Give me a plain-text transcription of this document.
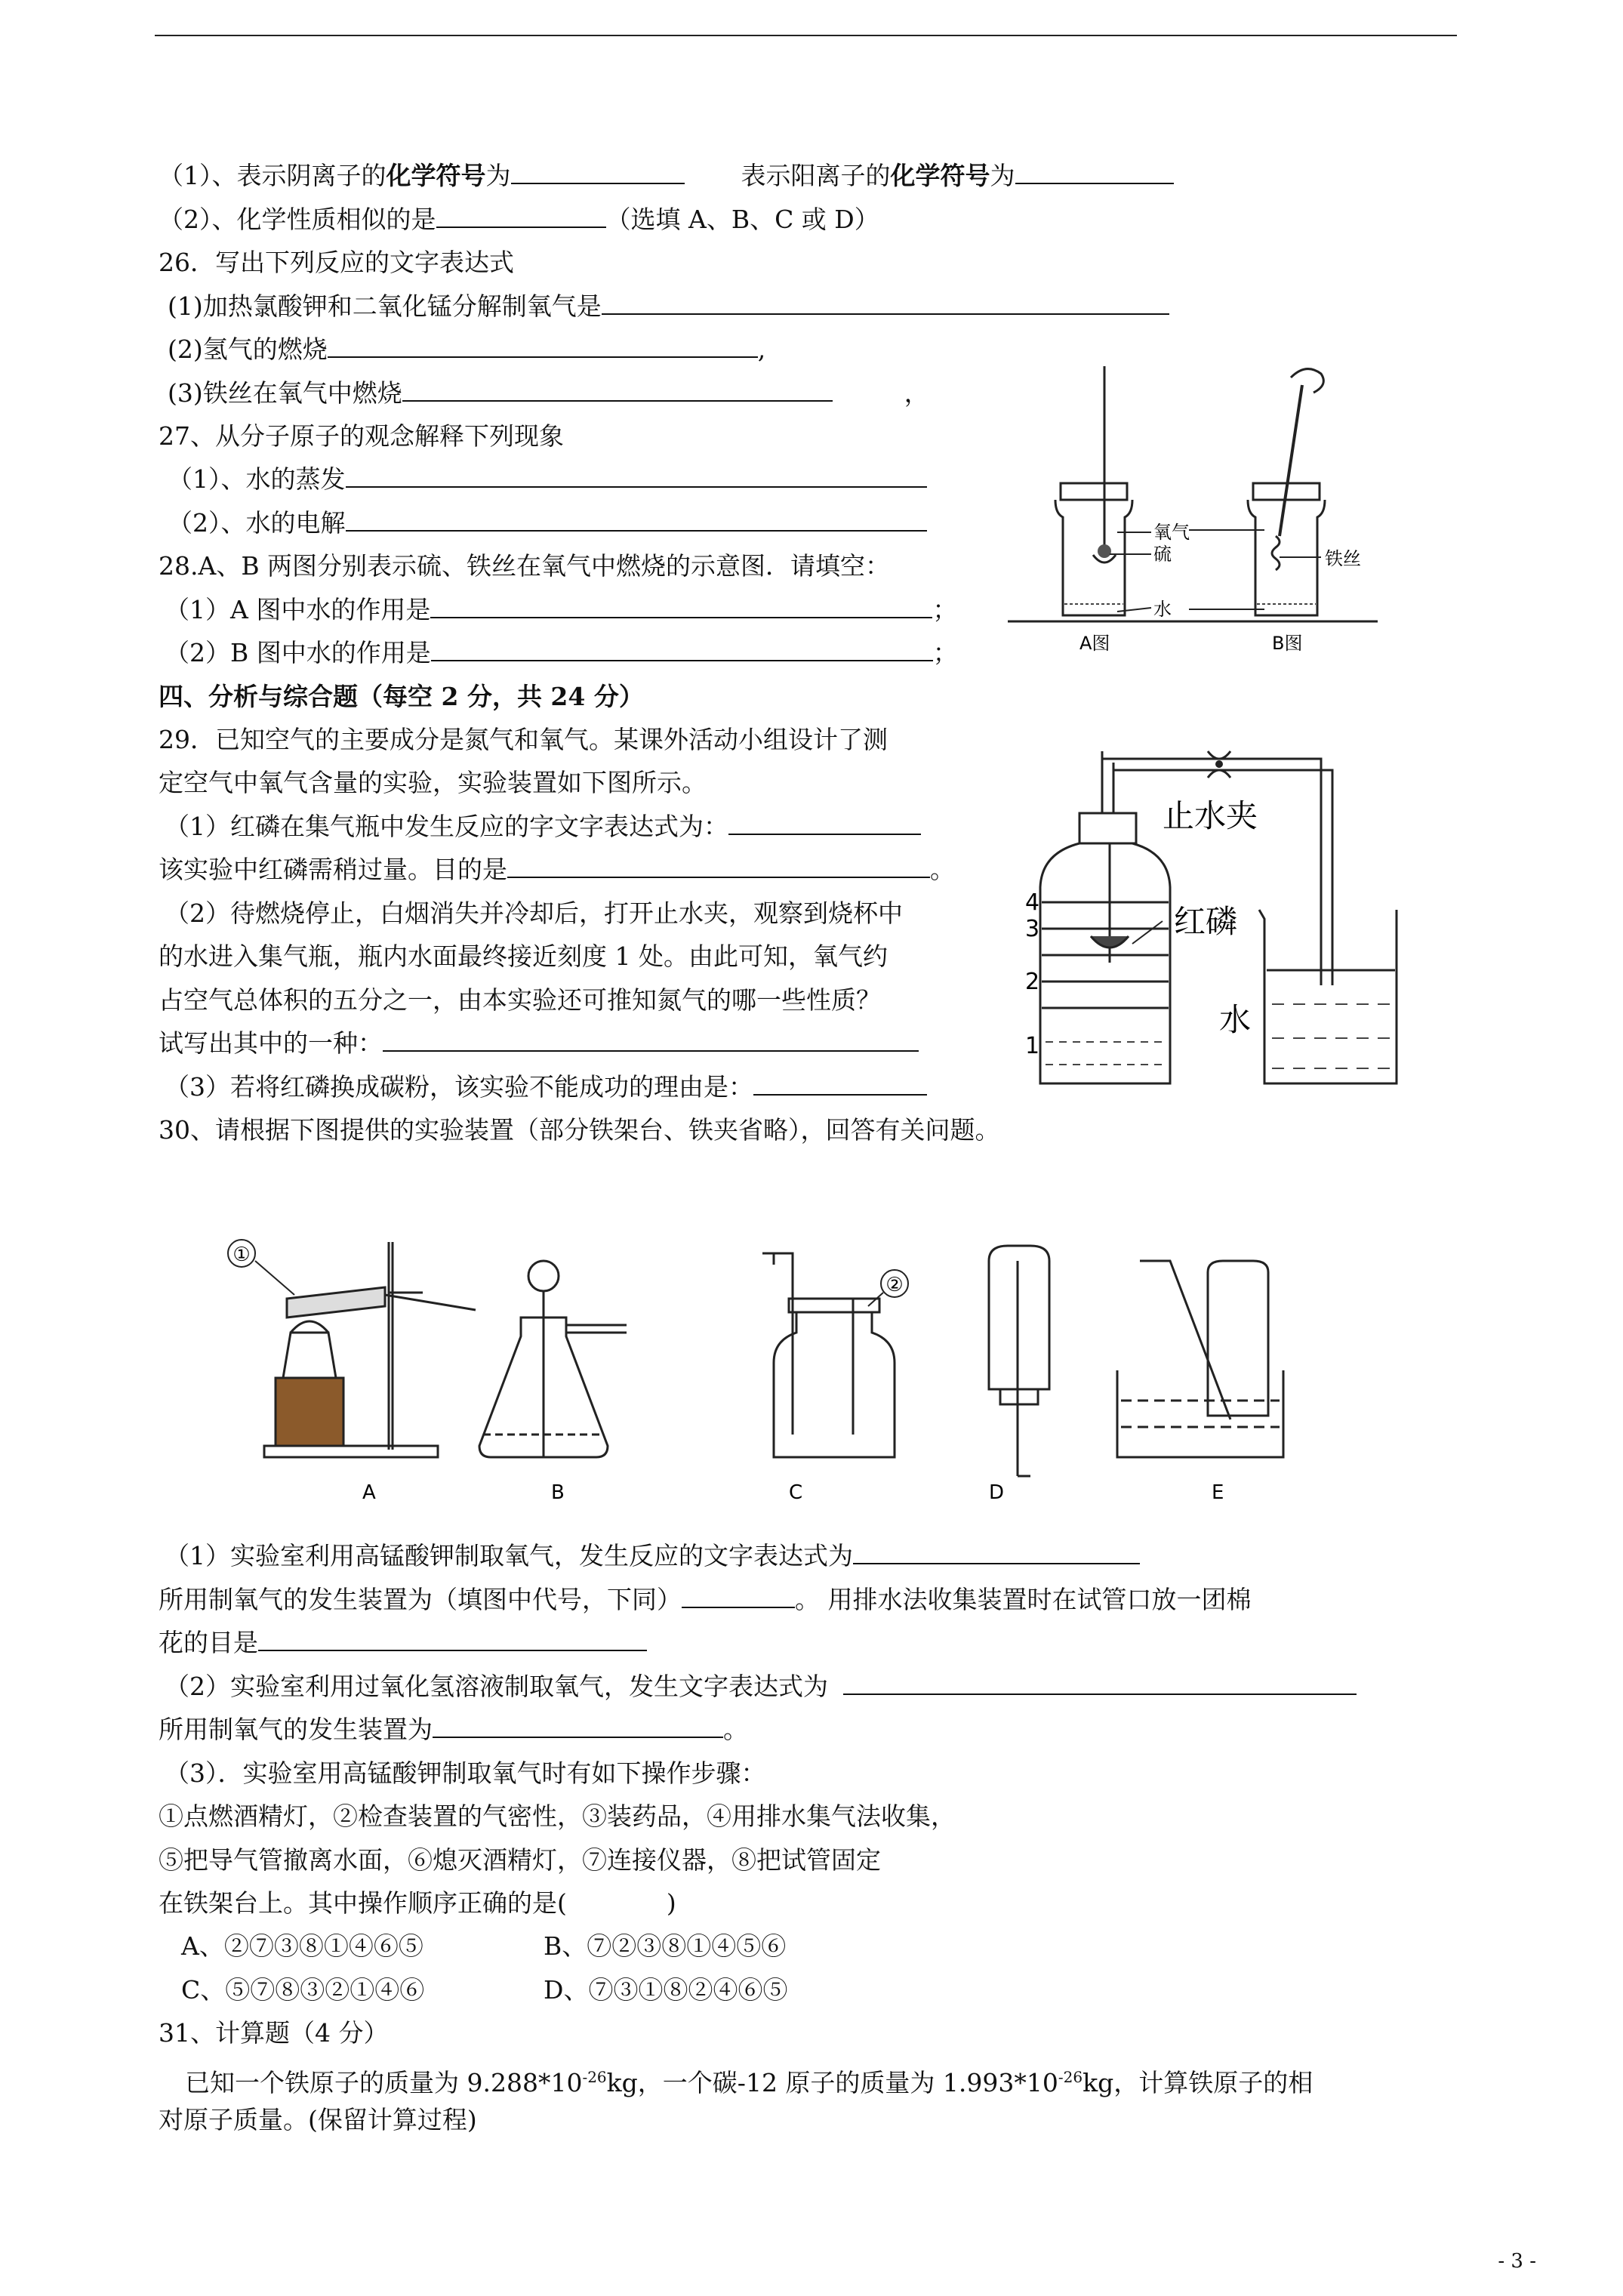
（1）、表示阴离子的化学符号为	表示阳离子的化学符号为
（2）、化学性质相似的是	（选填 A、B、C 或 D）
26．写出下列反应的文字表达式
(1)加热氯酸钾和二氧化锰分解制氧气是
(2)氢气的燃烧	,
(3)铁丝在氧气中燃烧	，
27、从分子原子的观念解释下列现象
（1）、水的蒸发
（2）、水的电解
28.A、B 两图分别表示硫、铁丝在氧气中燃烧的示意图．请填空：
（1）A 图中水的作用是	；
（2）B 图中水的作用是	；
氧气
硫
水
铁丝
A图	B图
四、分析与综合题（每空 2 分，共 24 分）
29．已知空气的主要成分是氮气和氧气。某课外活动小组设计了测
定空气中氧气含量的实验，实验装置如下图所示。
（1）红磷在集气瓶中发生反应的字文字表达式为：
该实验中红磷需稍过量。目的是	。
（2）待燃烧停止，白烟消失并冷却后，打开止水夹，观察到烧杯中
的水进入集气瓶，瓶内水面最终接近刻度 1 处。由此可知，氧气约
占空气总体积的五分之一，由本实验还可推知氮气的哪一些性质？
试写出其中的一种：
（3）若将红磷换成碳粉，该实验不能成功的理由是：
4
3
2
1
止水夹
红磷
水
30、请根据下图提供的实验装置（部分铁架台、铁夹省略），回答有关问题。
①
②
A	B	C	D	E
（1）实验室利用高锰酸钾制取氧气，发生反应的文字表达式为
所用制氧气的发生装置为（填图中代号，下同）	。 用排水法收集装置时在试管口放一团棉
花的目是
（2）实验室利用过氧化氢溶液制取氧气，发生文字表达式为
所用制氧气的发生装置为	。
（3）．实验室用高锰酸钾制取氧气时有如下操作步骤：
①点燃酒精灯，②检查装置的气密性，③装药品，④用排水集气法收集，
⑤把导气管撤离水面，⑥熄灭酒精灯，⑦连接仪器，⑧把试管固定
在铁架台上。其中操作顺序正确的是(　　　　)
A、②⑦③⑧①④⑥⑤	B、⑦②③⑧①④⑤⑥
C、⑤⑦⑧③②①④⑥	D、⑦③①⑧②④⑥⑤
31、计算题（4 分）
已知一个铁原子的质量为 $9.288*10^{-26}kg$，一个碳-12 原子的质量为 $1.993*10^{-26}kg$，计算铁原子的相
对原子质量。(保留计算过程)
- 3 -
